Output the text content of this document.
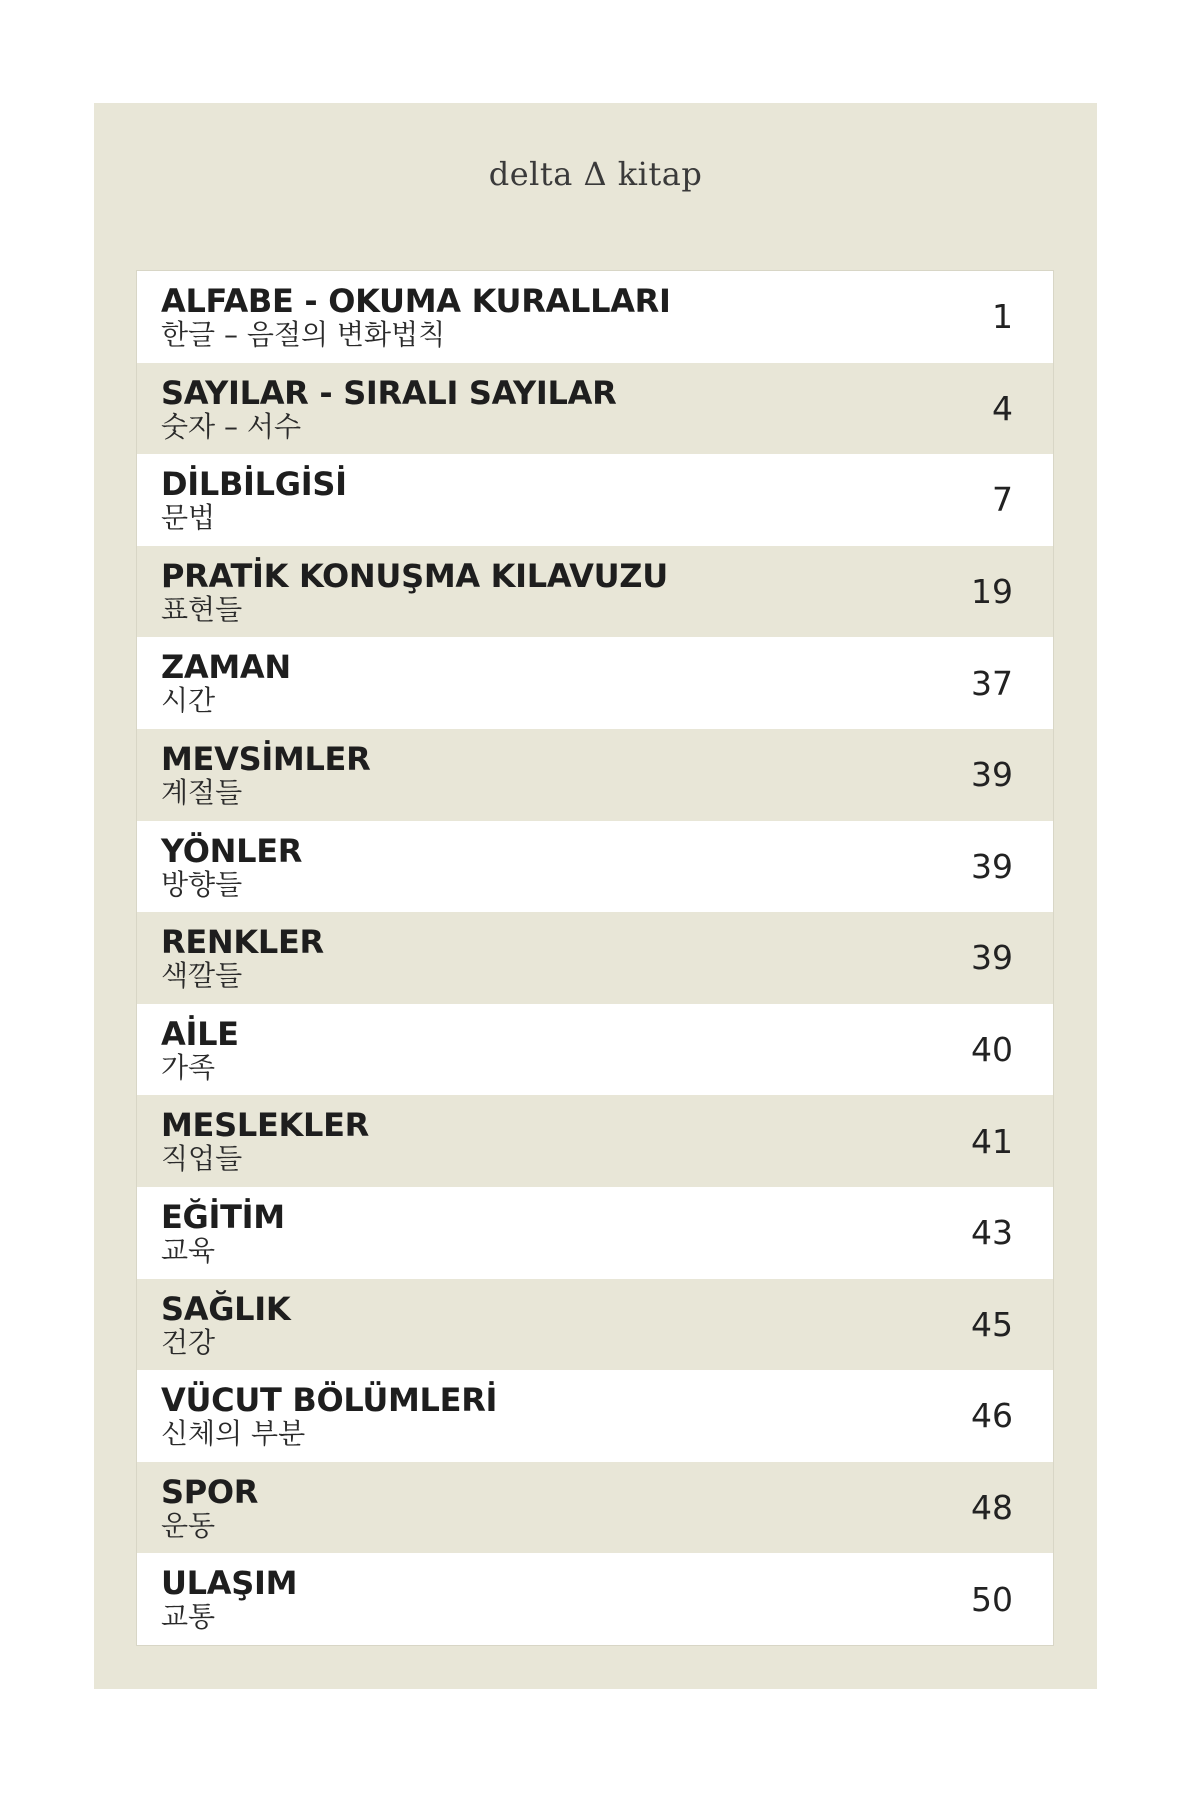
delta Δ kitap
ALFABE - OKUMA KURALLARI
한글 – 음절의 변화법칙	1
SAYILAR - SIRALI SAYILAR
숫자 – 서수	4
DİLBİLGİSİ
문법	7
PRATİK KONUŞMA KILAVUZU
표현들	19
ZAMAN
시간	37
MEVSİMLER
계절들	39
YÖNLER
방향들	39
RENKLER
색깔들	39
AİLE
가족	40
MESLEKLER
직업들	41
EĞİTİM
교육	43
SAĞLIK
건강	45
VÜCUT BÖLÜMLERİ
신체의 부분	46
SPOR
운동	48
ULAŞIM
교통	50
